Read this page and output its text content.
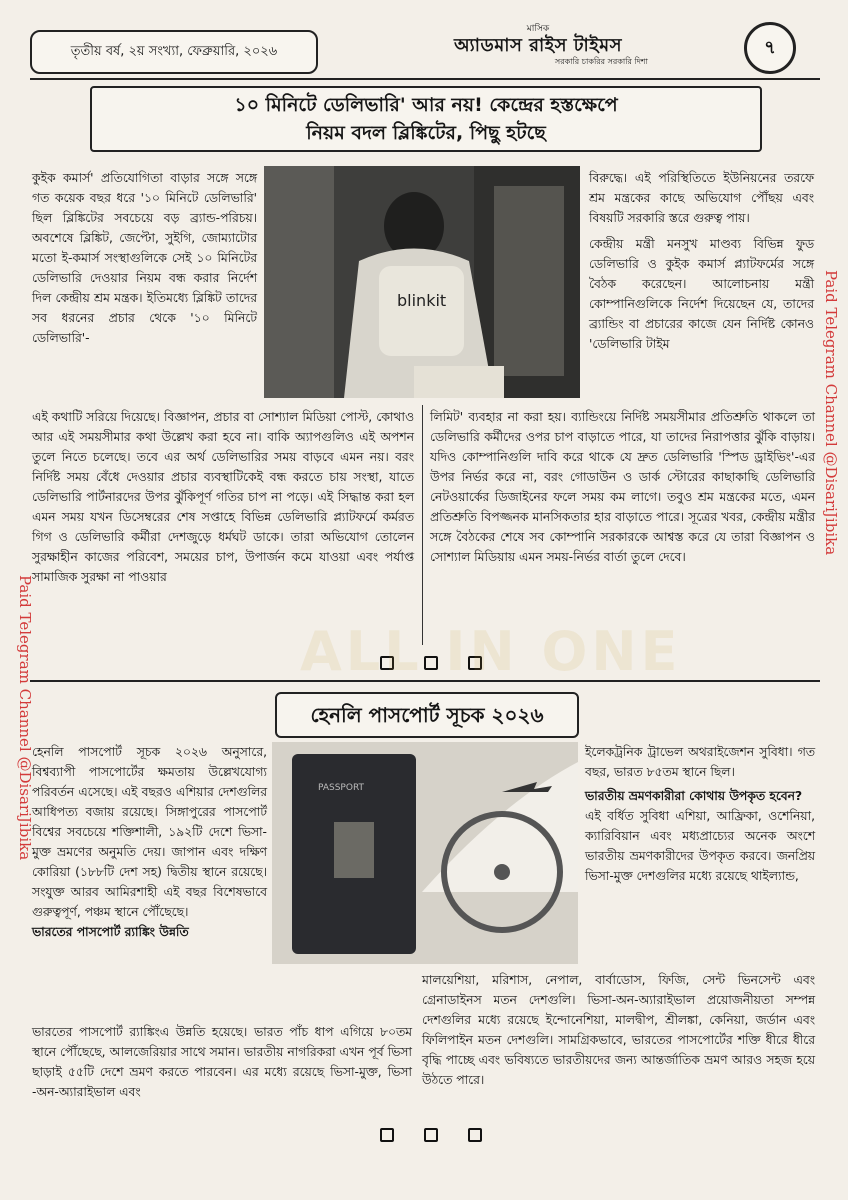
তৃতীয় বর্ষ, ২য় সংখ্যা, ফেব্রুয়ারি, ২০২৬
মাসিক
অ্যাডমাস রাইস টাইমস
সরকারি চাকরির সরকারি দিশা
৭
১০ মিনিটে ডেলিভারি' আর নয়! কেন্দ্রের হস্তক্ষেপে
নিয়ম বদল ব্লিঙ্কিটের, পিছু হটছে

কুইক কমার্স' প্রতিযোগিতা বাড়ার সঙ্গে সঙ্গে গত কয়েক বছর ধরে '১০ মিনিটে ডেলিভারি' ছিল ব্লিঙ্কিটের সবচেয়ে বড় ব্র্যান্ড-পরিচয়। অবশেষে ব্লিঙ্কিট, জেপ্টো, সুইগি, জোম্যাটোর মতো ই-কমার্স সংস্থাগুলিকে সেই ১০ মিনিটের ডেলিভারি দেওয়ার নিয়ম বন্ধ করার নির্দেশ দিল কেন্দ্রীয় শ্রম মন্ত্রক। ইতিমধ্যে ব্লিঙ্কিট তাদের সব ধরনের প্রচার থেকে '১০ মিনিটে ডেলিভারি'-

blinkit

বিরুদ্ধে। এই পরিস্থিতিতে ইউনিয়নের তরফে শ্রম মন্ত্রকের কাছে অভিযোগ পৌঁছয় এবং বিষয়টি সরকারি স্তরে গুরুত্ব পায়।

কেন্দ্রীয় মন্ত্রী মনসুখ মাণ্ডব্য বিভিন্ন ফুড ডেলিভারি ও কুইক কমার্স প্ল্যাটফর্মের সঙ্গে বৈঠক করেছেন। আলোচনায় মন্ত্রী কোম্পানিগুলিকে নির্দেশ দিয়েছেন যে, তাদের ব্র্যান্ডিং বা প্রচারের কাজে যেন নির্দিষ্ট কোনও 'ডেলিভারি টাইম

এই কথাটি সরিয়ে দিয়েছে। বিজ্ঞাপন, প্রচার বা সোশ্যাল মিডিয়া পোস্ট, কোথাও আর এই সময়সীমার কথা উল্লেখ করা হবে না। বাকি অ্যাপগুলিও এই অপশন তুলে নিতে চলেছে। তবে এর অর্থ ডেলিভারির সময় বাড়বে এমন নয়। বরং নির্দিষ্ট সময় বেঁধে দেওয়ার প্রচার ব্যবস্থাটিকেই বন্ধ করতে চায় সংস্থা, যাতে ডেলিভারি পার্টনারদের উপর ঝুঁকিপূর্ণ গতির চাপ না পড়ে। এই সিদ্ধান্ত করা হল এমন সময় যখন ডিসেম্বরের শেষ সপ্তাহে বিভিন্ন ডেলিভারি প্ল্যাটফর্মে কর্মরত গিগ ও ডেলিভারি কর্মীরা দেশজুড়ে ধর্মঘট ডাকে। তারা অভিযোগ তোলেন সুরক্ষাহীন কাজের পরিবেশ, সময়ের চাপ, উপার্জন কমে যাওয়া এবং পর্যাপ্ত সামাজিক সুরক্ষা না পাওয়ার

লিমিট' ব্যবহার না করা হয়। ব্যান্ডিংয়ে নির্দিষ্ট সময়সীমার প্রতিশ্রুতি থাকলে তা ডেলিভারি কর্মীদের ওপর চাপ বাড়াতে পারে, যা তাদের নিরাপত্তার ঝুঁকি বাড়ায়। যদিও কোম্পানিগুলি দাবি করে থাকে যে দ্রুত ডেলিভারি 'স্পিড ড্রাইভিং'-এর উপর নির্ভর করে না, বরং গোডাউন ও ডার্ক স্টোরের কাছাকাছি ডেলিভারি নেটওয়ার্কের ডিজাইনের ফলে সময় কম লাগে। তবুও শ্রম মন্ত্রকের মতে, এমন প্রতিশ্রুতি বিপজ্জনক মানসিকতার হার বাড়াতে পারে। সূত্রের খবর, কেন্দ্রীয় মন্ত্রীর সঙ্গে বৈঠকের শেষে সব কোম্পানি সরকারকে আশ্বস্ত করে যে তারা বিজ্ঞাপন ও সোশ্যাল মিডিয়ায় এমন সময়-নির্ভর বার্তা তুলে দেবে।

হেনলি পাসপোর্ট সূচক ২০২৬

হেনলি পাসপোর্ট সূচক ২০২৬ অনুসারে, বিশ্বব্যাপী পাসপোর্টের ক্ষমতায় উল্লেখযোগ্য পরিবর্তন এসেছে। এই বছরও এশিয়ার দেশগুলির আধিপত্য বজায় রয়েছে। সিঙ্গাপুরের পাসপোর্ট বিশ্বের সবচেয়ে শক্তিশালী, ১৯২টি দেশে ভিসা-মুক্ত ভ্রমণের অনুমতি দেয়। জাপান এবং দক্ষিণ কোরিয়া (১৮৮টি দেশ সহ) দ্বিতীয় স্থানে রয়েছে। সংযুক্ত আরব আমিরশাহী এই বছর বিশেষভাবে গুরুত্বপূর্ণ, পঞ্চম স্থানে পৌঁছেছে।

ভারতের পাসপোর্ট র‌্যাঙ্কিং উন্নতি

PASSPORT

ইলেকট্রনিক ট্রাভেল অথরাইজেশন সুবিধা। গত বছর, ভারত ৮৫তম স্থানে ছিল।

ভারতীয় ভ্রমণকারীরা কোথায় উপকৃত হবেন?

এই বর্ধিত সুবিধা এশিয়া, আফ্রিকা, ওশেনিয়া, ক্যারিবিয়ান এবং মধ্যপ্রাচ্যের অনেক অংশে ভারতীয় ভ্রমণকারীদের উপকৃত করবে। জনপ্রিয় ভিসা-মুক্ত দেশগুলির মধ্যে রয়েছে থাইল্যান্ড,

ভারতের পাসপোর্ট র‌্যাঙ্কিংএ উন্নতি হয়েছে। ভারত পাঁচ ধাপ এগিয়ে ৮০তম স্থানে পৌঁছেছে, আলজেরিয়ার সাথে সমান। ভারতীয় নাগরিকরা এখন পূর্ব ভিসা ছাড়াই ৫৫টি দেশে ভ্রমণ করতে পারবেন। এর মধ্যে রয়েছে ভিসা-মুক্ত, ভিসা -অন-অ্যারাইভাল এবং

মালয়েশিয়া, মরিশাস, নেপাল, বার্বাডোস, ফিজি, সেন্ট ভিনসেন্ট এবং গ্রেনাডাইনস মতন দেশগুলি। ভিসা-অন-অ্যারাইভাল প্রয়োজনীয়তা সম্পন্ন দেশগুলির মধ্যে রয়েছে ইন্দোনেশিয়া, মালদ্বীপ, শ্রীলঙ্কা, কেনিয়া, জর্ডান এবং ফিলিপাইন মতন দেশগুলি। সামগ্রিকভাবে, ভারতের পাসপোর্টের শক্তি ধীরে ধীরে বৃদ্ধি পাচ্ছে এবং ভবিষ্যতে ভারতীয়দের জন্য আন্তর্জাতিক ভ্রমণ আরও সহজ হয়ে উঠতে পারে।

ALL IN ONE
Paid Telegram Channel @DisariJibika
Paid Telegram Channel @DisariJibika
